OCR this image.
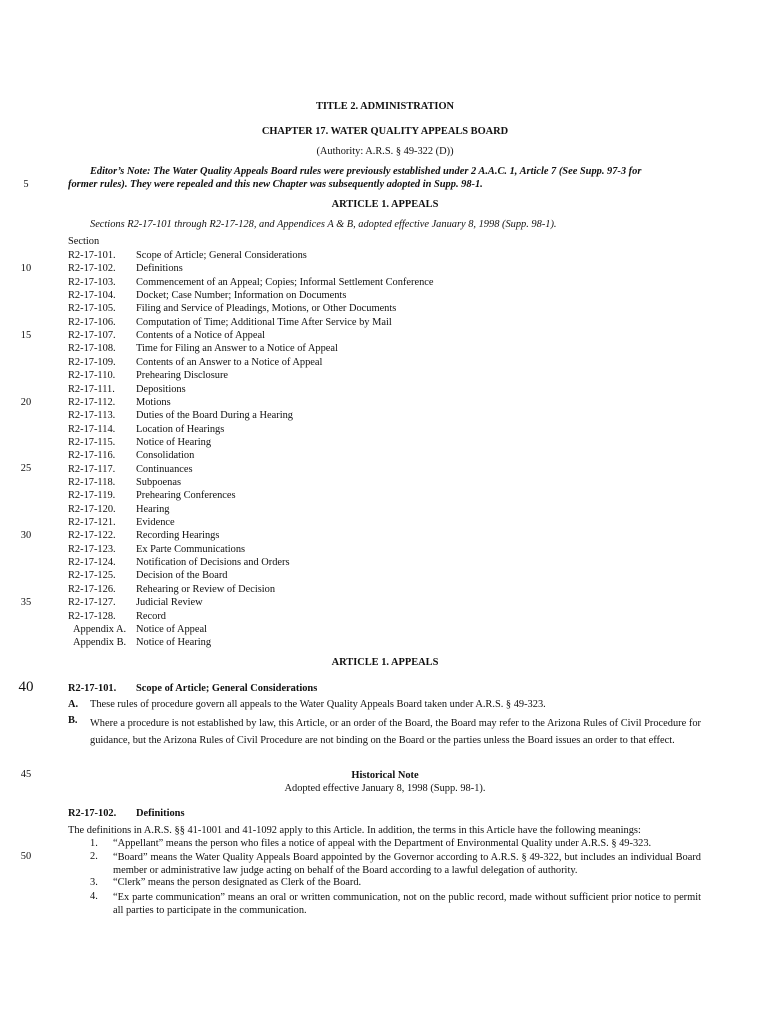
TITLE 2. ADMINISTRATION
CHAPTER 17. WATER QUALITY APPEALS BOARD
(Authority: A.R.S. § 49-322 (D))
Editor’s Note: The Water Quality Appeals Board rules were previously established under 2 A.A.C. 1, Article 7 (See Supp. 97-3 for
former rules). They were repealed and this new Chapter was subsequently adopted in Supp. 98-1.
ARTICLE 1. APPEALS
Sections R2-17-101 through R2-17-128, and Appendices A & B, adopted effective January 8, 1998 (Supp. 98-1).
Section
R2-17-101. Scope of Article; General Considerations
R2-17-102. Definitions
R2-17-103. Commencement of an Appeal; Copies; Informal Settlement Conference
R2-17-104. Docket; Case Number; Information on Documents
R2-17-105. Filing and Service of Pleadings, Motions, or Other Documents
R2-17-106. Computation of Time; Additional Time After Service by Mail
R2-17-107. Contents of a Notice of Appeal
R2-17-108. Time for Filing an Answer to a Notice of Appeal
R2-17-109. Contents of an Answer to a Notice of Appeal
R2-17-110. Prehearing Disclosure
R2-17-111. Depositions
R2-17-112. Motions
R2-17-113. Duties of the Board During a Hearing
R2-17-114. Location of Hearings
R2-17-115. Notice of Hearing
R2-17-116. Consolidation
R2-17-117. Continuances
R2-17-118. Subpoenas
R2-17-119. Prehearing Conferences
R2-17-120. Hearing
R2-17-121. Evidence
R2-17-122. Recording Hearings
R2-17-123. Ex Parte Communications
R2-17-124. Notification of Decisions and Orders
R2-17-125. Decision of the Board
R2-17-126. Rehearing or Review of Decision
R2-17-127. Judicial Review
R2-17-128. Record
Appendix A. Notice of Appeal
Appendix B. Notice of Hearing
ARTICLE 1. APPEALS
R2-17-101. Scope of Article; General Considerations
A. These rules of procedure govern all appeals to the Water Quality Appeals Board taken under A.R.S. § 49-323.
B. Where a procedure is not established by law, this Article, or an order of the Board, the Board may refer to the Arizona Rules of Civil Procedure for guidance, but the Arizona Rules of Civil Procedure are not binding on the Board or the parties unless the Board issues an order to that effect.
Historical Note
Adopted effective January 8, 1998 (Supp. 98-1).
R2-17-102. Definitions
The definitions in A.R.S. §§ 41-1001 and 41-1092 apply to this Article. In addition, the terms in this Article have the following meanings:
1. “Appellant” means the person who files a notice of appeal with the Department of Environmental Quality under A.R.S. § 49-323.
2. “Board” means the Water Quality Appeals Board appointed by the Governor according to A.R.S. § 49-322, but includes an individual Board member or administrative law judge acting on behalf of the Board according to a lawful delegation of authority.
3. “Clerk” means the person designated as Clerk of the Board.
4. “Ex parte communication” means an oral or written communication, not on the public record, made without sufficient prior notice to permit all parties to participate in the communication.
5
10
15
20
25
30
35
40
45
50
